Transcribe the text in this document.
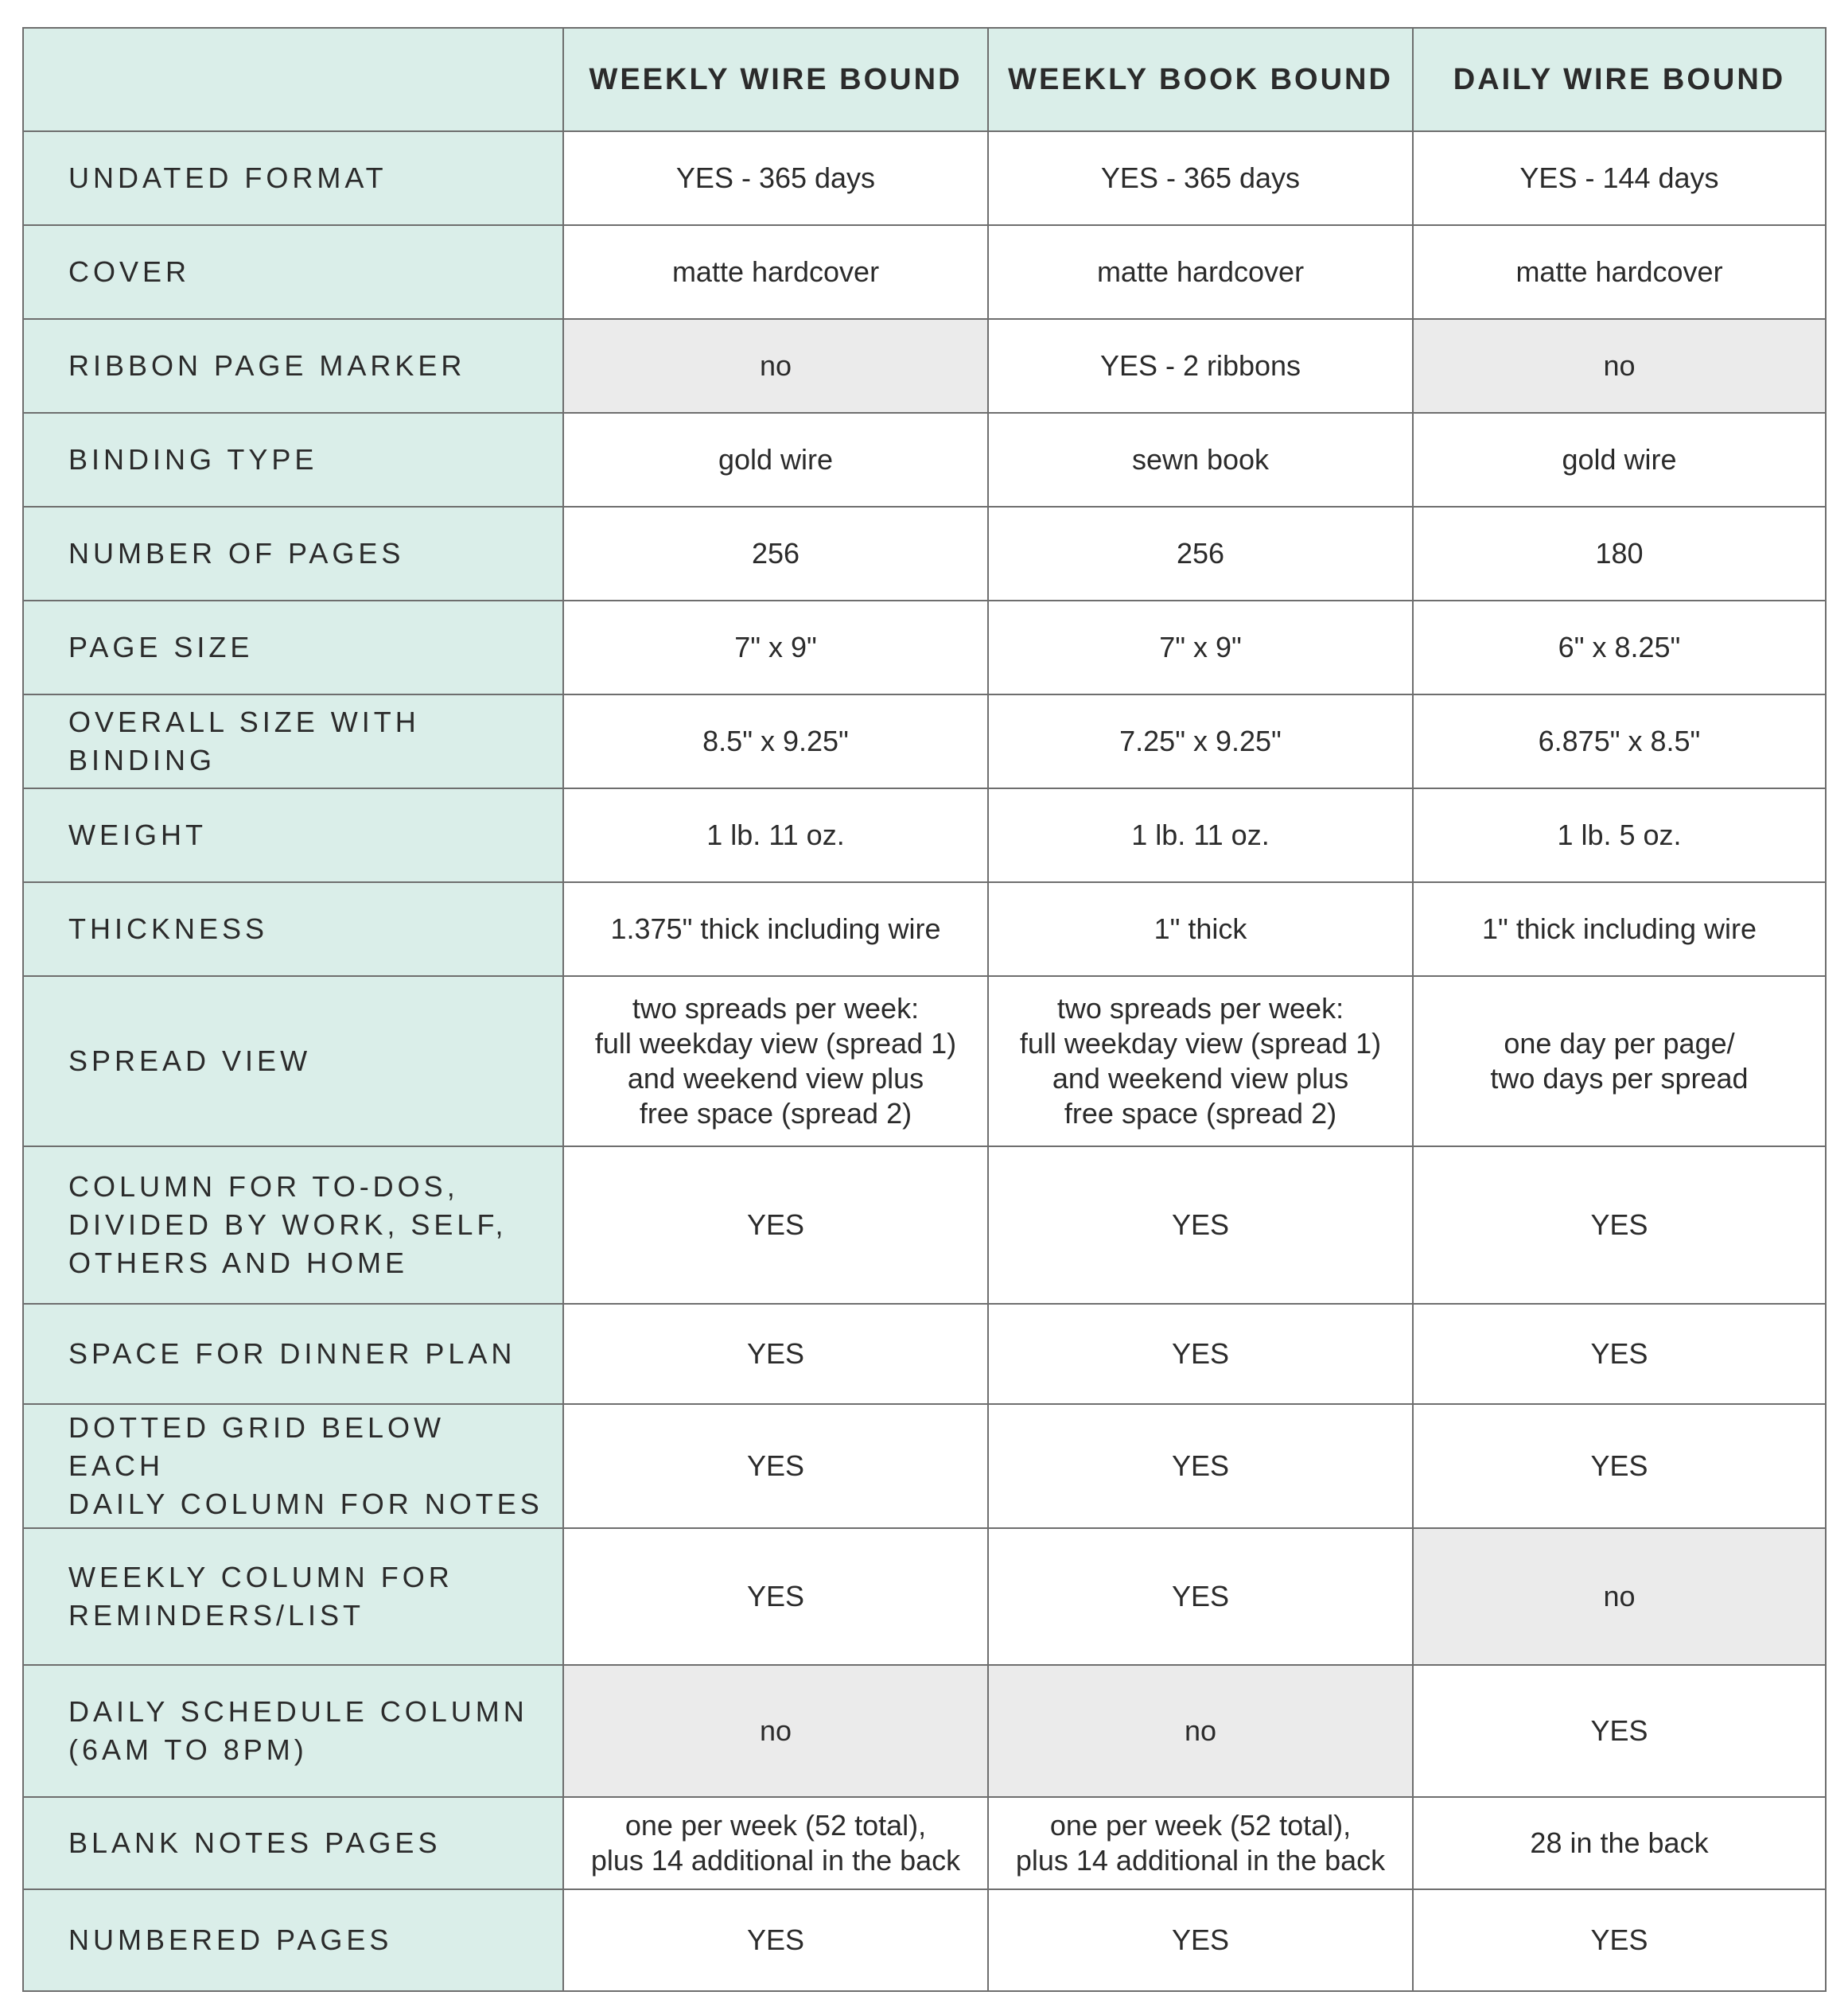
	WEEKLY WIRE BOUND	WEEKLY BOOK BOUND	DAILY WIRE BOUND
UNDATED FORMAT	YES - 365 days	YES - 365 days	YES - 144 days
COVER	matte hardcover	matte hardcover	matte hardcover
RIBBON PAGE MARKER	no	YES - 2 ribbons	no
BINDING TYPE	gold wire	sewn book	gold wire
NUMBER OF PAGES	256	256	180
PAGE SIZE	7" x 9"	7" x 9"	6" x 8.25"
OVERALL SIZE WITH BINDING	8.5" x 9.25"	7.25" x 9.25"	6.875" x 8.5"
WEIGHT	1 lb. 11 oz.	1 lb. 11 oz.	1 lb. 5 oz.
THICKNESS	1.375" thick including wire	1" thick	1" thick including wire
SPREAD VIEW	two spreads per week:
full weekday view (spread 1)
and weekend view plus
free space (spread 2)	two spreads per week:
full weekday view (spread 1)
and weekend view plus
free space (spread 2)	one day per page/
two days per spread
COLUMN FOR TO-DOS,
DIVIDED BY WORK, SELF,
OTHERS AND HOME	YES	YES	YES
SPACE FOR DINNER PLAN	YES	YES	YES
DOTTED GRID BELOW EACH
DAILY COLUMN FOR NOTES	YES	YES	YES
WEEKLY COLUMN FOR
REMINDERS/LIST	YES	YES	no
DAILY SCHEDULE COLUMN
(6AM TO 8PM)	no	no	YES
BLANK NOTES PAGES	one per week (52 total),
plus 14 additional in the back	one per week (52 total),
plus 14 additional in the back	28 in the back
NUMBERED PAGES	YES	YES	YES
